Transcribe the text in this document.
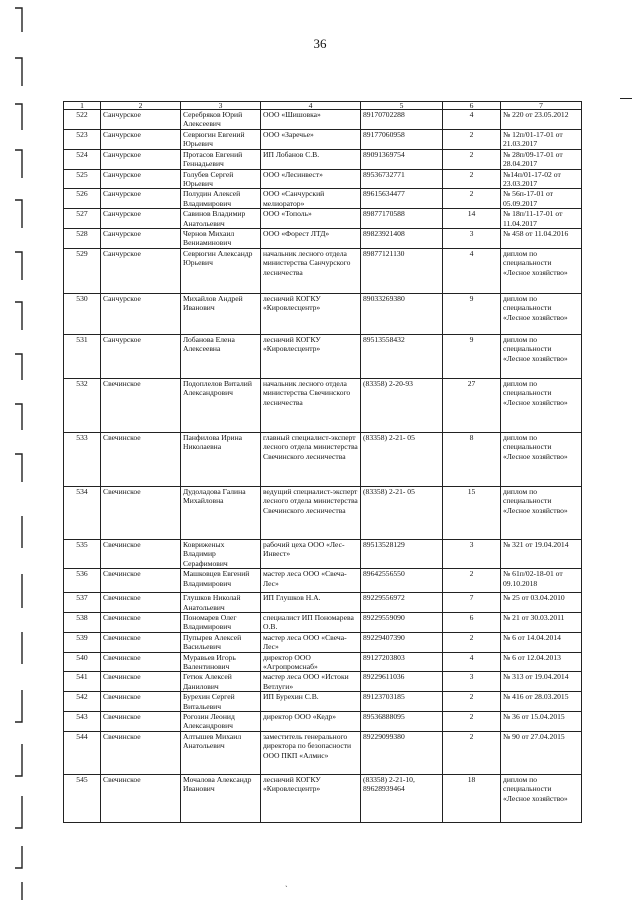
36
1	2	3	4	5	6	7
522	Санчурское	Серебряков Юрий Алексеевич	ООО «Шишовка»	89170702288	4	№ 220 от 23.05.2012
523	Санчурское	Севрюгин Евгений Юрьевич	ООО «Заречье»	89177060958	2	№ 12п/01-17-01 от 21.03.2017
524	Санчурское	Протасов Евгений Геннадьевич	ИП Лобанов С.В.	89091369754	2	№ 28п/09-17-01 от 28.04.2017
525	Санчурское	Голубев Сергей Юрьевич	ООО «Лесинвест»	89536732771	2	№14п/01-17-02 от 23.03.2017
526	Санчурское	Полудин Алексей Владимирович	ООО «Санчурский мелиоратор»	89615634477	2	№ 56п-17-01 от 05.09.2017
527	Санчурское	Савинов Владимир Анатольевич	ООО «Тополь»	89877170588	14	№ 18п/11-17-01 от 11.04.2017
528	Санчурское	Чернов Михаил Вениаминович	ООО «Форест ЛТД»	89823921408	3	№ 458 от 11.04.2016
529	Санчурское	Севрюгин Александр Юрьевич	начальник лесного отдела министерства Санчурского лесничества	89877121130	4	диплом по специальности «Лесное хозяйство»
530	Санчурское	Михайлов Андрей Иванович	лесничий КОГКУ «Кировлесцентр»	89033269380	9	диплом по специальности «Лесное хозяйство»
531	Санчурское	Лобанова Елена Алексеевна	лесничий КОГКУ «Кировлесцентр»	89513558432	9	диплом по специальности «Лесное хозяйство»
532	Свечинское	Подоплелов Виталий Александрович	начальник лесного отдела министерства Свечинского лесничества	(83358) 2-20-93	27	диплом по специальности «Лесное хозяйство»
533	Свечинское	Панфилова Ирина Николаевна	главный специалист-эксперт лесного отдела министерства Свечинского лесничества	(83358) 2-21- 05	8	диплом по специальности «Лесное хозяйство»
534	Свечинское	Дудоладова Галина Михайловна	ведущий специалист-эксперт лесного отдела министерства Свечинского лесничества	(83358) 2-21- 05	15	диплом по специальности «Лесное хозяйство»
535	Свечинское	Ковриженых Владимир Серафимович	рабочий цеха ООО «Лес-Инвест»	89513528129	3	№ 321 от 19.04.2014
536	Свечинское	Машковцев Евгений Владимирович	мастер леса ООО «Свеча-Лес»	89642556550	2	№ 61п/02-18-01 от 09.10.2018
537	Свечинское	Глушков Николай Анатольевич	ИП Глушков Н.А.	89229556972	7	№ 25 от 03.04.2010
538	Свечинское	Пономарев Олег Владимирович	специалист ИП Пономарева О.В.	89229559090	6	№ 21 от 30.03.2011
539	Свечинское	Пупырев Алексей Васильевич	мастер леса ООО «Свеча-Лес»	89229407390	2	№ 6 от 14.04.2014
540	Свечинское	Муравьев Игорь Валентинович	директор ООО «Агропромснаб»	89127203803	4	№ 6 от 12.04.2013
541	Свечинское	Гетюк Алексей Данилович	мастер леса ООО «Истоки Ветлуги»	89229611036	3	№ 313 от 19.04.2014
542	Свечинское	Бурехин Сергей Витальевич	ИП Бурехин С.В.	89123703185	2	№ 416 от 28.03.2015
543	Свечинское	Рогозин Леонид Александрович	директор ООО «Кедр»	89536888095	2	№ 36 от 15.04.2015
544	Свечинское	Алтышев Михаил Анатольевич	заместитель генерального директора по безопасности ООО ПКП «Алмис»	89229099380	2	№ 90 от 27.04.2015
545	Свечинское	Мочалова Александр Иванович	лесничий КОГКУ «Кировлесцентр»	(83358) 2-21-10, 89628939464	18	диплом по специальности «Лесное хозяйство»
ˎ
